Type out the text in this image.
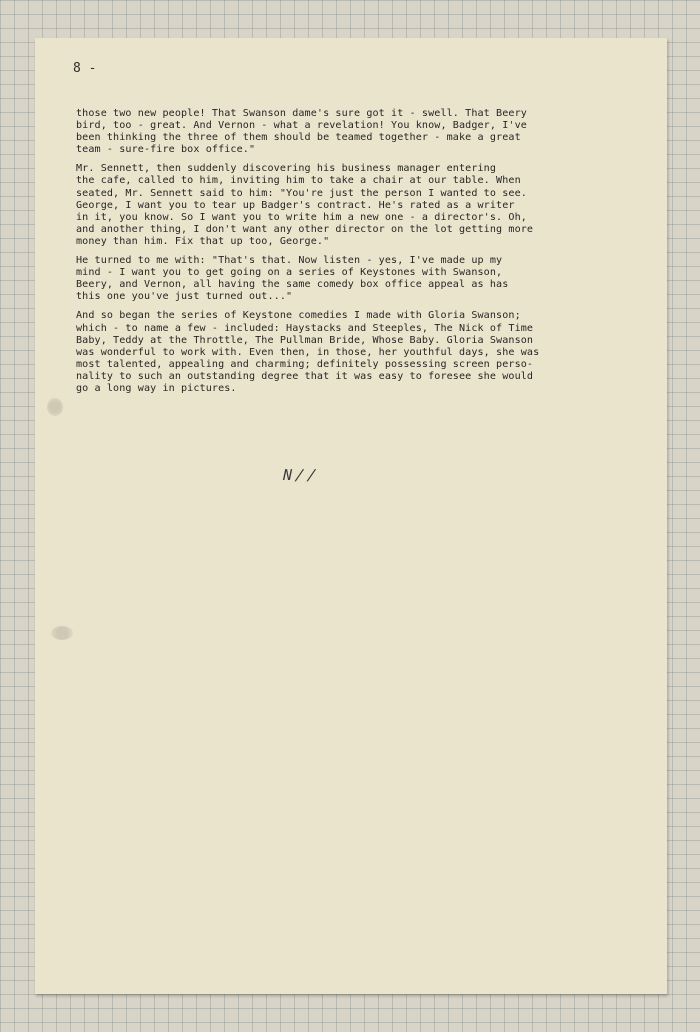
8 -

those two new people! That Swanson dame's sure got it - swell. That Beery
bird, too - great. And Vernon - what a revelation! You know, Badger, I've
been thinking the three of them should be teamed together - make a great
team - sure-fire box office."

Mr. Sennett, then suddenly discovering his business manager entering
the cafe, called to him, inviting him to take a chair at our table. When
seated, Mr. Sennett said to him: "You're just the person I wanted to see.
George, I want you to tear up Badger's contract. He's rated as a writer
in it, you know. So I want you to write him a new one - a director's. Oh,
and another thing, I don't want any other director on the lot getting more
money than him. Fix that up too, George."

He turned to me with: "That's that. Now listen - yes, I've made up my
mind - I want you to get going on a series of Keystones with Swanson,
Beery, and Vernon, all having the same comedy box office appeal as has
this one you've just turned out..."

And so began the series of Keystone comedies I made with Gloria Swanson;
which - to name a few - included: Haystacks and Steeples, The Nick of Time
Baby, Teddy at the Throttle, The Pullman Bride, Whose Baby. Gloria Swanson
was wonderful to work with. Even then, in those, her youthful days, she was
most talented, appealing and charming; definitely possessing screen perso-
nality to such an outstanding degree that it was easy to foresee she would
go a long way in pictures.

N//
